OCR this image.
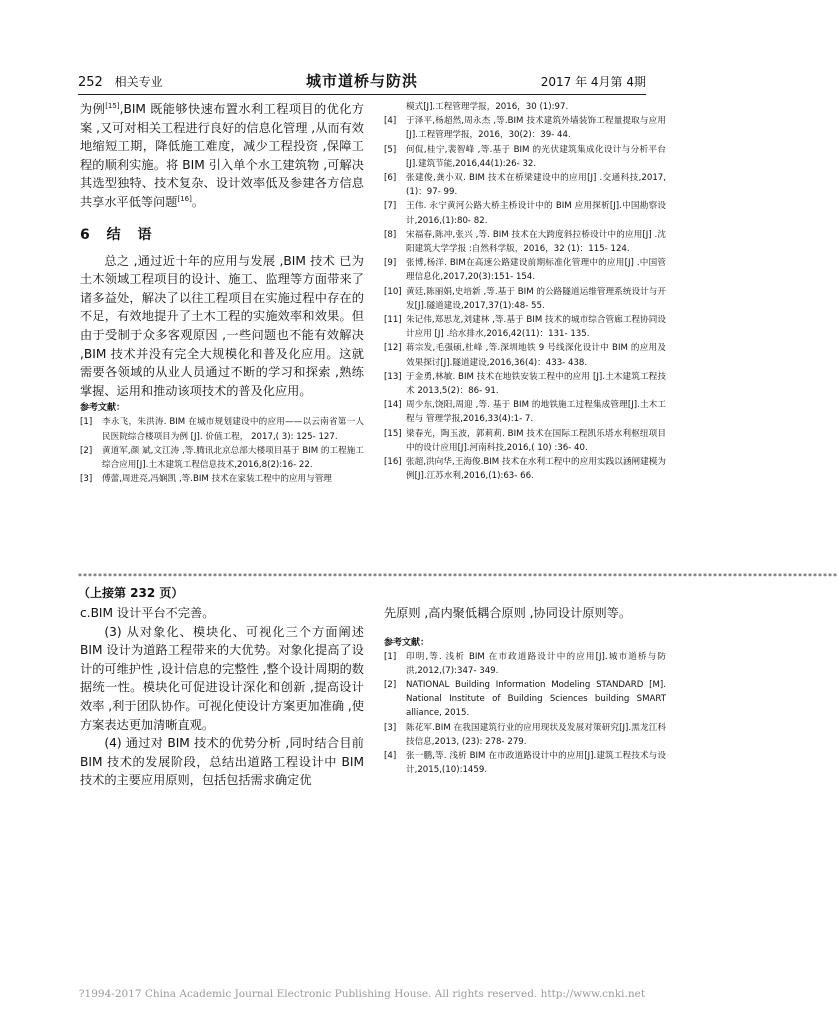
252 相关专业	城市道桥与防洪	2017 年 4月第 4期

为例[15],BIM 既能够快速布置水利工程项目的优化方案 ,又可对相关工程进行良好的信息化管理 ,从而有效地缩短工期，降低施工难度，减少工程投资 ,保障工程的顺利实施。将 BIM 引入单个水工建筑物 ,可解决其选型独特、技术复杂、设计效率低及参建各方信息共享水平低等问题[16]。

6 结 语

总之 ,通过近十年的应用与发展 ,BIM 技术 已为土木领域工程项目的设计、施工、监理等方面带来了诸多益处，解决了以往工程项目在实施过程中存在的不足，有效地提升了土木工程的实施效率和效果。但由于受制于众多客观原因 ,一些问题也不能有效解决 ,BIM 技术并没有完全大规模化和普及化应用。这就需要各领域的从业人员通过不断的学习和探索 ,熟练掌握、运用和推动该项技术的普及化应用。

参考文献：
[1] 李永飞，朱洪涛. BIM 在城市规划建设中的应用——以云南省第一人民医院综合楼项目为例 [J]. 价值工程， 2017,( 3): 125- 127.
[2] 黄道军,颜 斌,文江涛 ,等.腾讯北京总部大楼项目基于 BIM 的工程施工综合应用[J].土木建筑工程信息技术,2016,8(2):16- 22.
[3] 傅蕾,周进亮,冯娴凯 ,等.BIM 技术在家装工程中的应用与管理
模式[J].工程管理学报，2016，30 (1):97.
[4] 于泽平,杨超然,周永杰 ,等.BIM 技术建筑外墙装饰工程量提取与应用[J].工程管理学报，2016，30(2)：39- 44.
[5] 何侃,桂宁,裴智峰 ,等.基于 BIM 的光伏建筑集成化设计与分析平台[J].建筑节能,2016,44(1):26- 32.
[6] 张建俊,龚小双. BIM 技术在桥梁建设中的应用[J] .交通科技,2017,(1)：97- 99.
[7] 王伟. 永宁黄河公路大桥主桥设计中的 BIM 应用探析[J].中国勘察设计,2016,(1):80- 82.
[8] 宋福春,陈冲,张兴 ,等. BIM 技术在大跨度斜拉桥设计中的应用[J] .沈阳建筑大学学报 :自然科学版，2016，32 (1)：115- 124.
[9] 张博,杨洋. BIM在高速公路建设前期标准化管理中的应用[J] .中国管理信息化,2017,20(3):151- 154.
[10] 黄廷,陈丽娟,史培新 ,等.基于 BIM 的公路隧道运维管理系统设计与开发[J].隧道建设,2017,37(1):48- 55.
[11] 朱记伟,郑思龙,刘建林 ,等.基于 BIM 技术的城市综合管廊工程协同设计应用 [J] .给水排水,2016,42(11)：131- 135.
[12] 蒋宗发,毛强硕,杜峰 ,等.深圳地铁 9 号线深化设计中 BIM 的应用及效果探讨[J].隧道建设,2016,36(4)：433- 438.
[13] 于金勇,林敏. BIM 技术在地铁安装工程中的应用 [J].土木建筑工程技术 2013,5(2)：86- 91.
[14] 周少东,饶阳,周迎 ,等. 基于 BIM 的地铁施工过程集成管理[J].土木工程与 管理学报,2016,33(4):1- 7.
[15] 梁春光，陶玉波，郭莉莉. BIM 技术在国际工程凯乐塔水利枢纽项目中的设计应用[J].河南科技,2016,( 10) :36- 40.
[16] 张超,洪向华,王海俊.BIM 技术在水利工程中的应用实践以涵闸建模为例[J].江苏水利,2016,(1):63- 66.
********************************************************************************************************************************************************
（上接第 232 页）

c.BIM 设计平台不完善。

(3) 从对象化、模块化、可视化三个方面阐述 BIM 设计为道路工程带来的大优势。对象化提高了设计的可维护性 ,设计信息的完整性 ,整个设计周期的数据统一性。模块化可促进设计深化和创新 ,提高设计效率 ,利于团队协作。可视化使设计方案更加准确 ,使方案表达更加清晰直观。

(4) 通过对 BIM 技术的优势分析 ,同时结合目前 BIM 技术的发展阶段，总结出道路工程设计中 BIM 技术的主要应用原则，包括包括需求确定优

先原则 ,高内聚低耦合原则 ,协同设计原则等。

参考文献：
[1] 印明,等. 浅析 BIM 在市政道路设计中的应用[J].城市道桥与防洪,2012,(7):347- 349.
[2] NATIONAL Building Information Modeling STANDARD [M]. National Institute of Building Sciences building SMART alliance, 2015.
[3] 陈花军.BIM 在我国建筑行业的应用现状及发展对策研究[J].黑龙江科技信息,2013, (23): 278- 279.
[4] 张一鹏,等. 浅析 BIM 在市政道路设计中的应用[J].建筑工程技术与设计,2015,(10):1459.
?1994-2017 China Academic Journal Electronic Publishing House. All rights reserved. http://www.cnki.net
